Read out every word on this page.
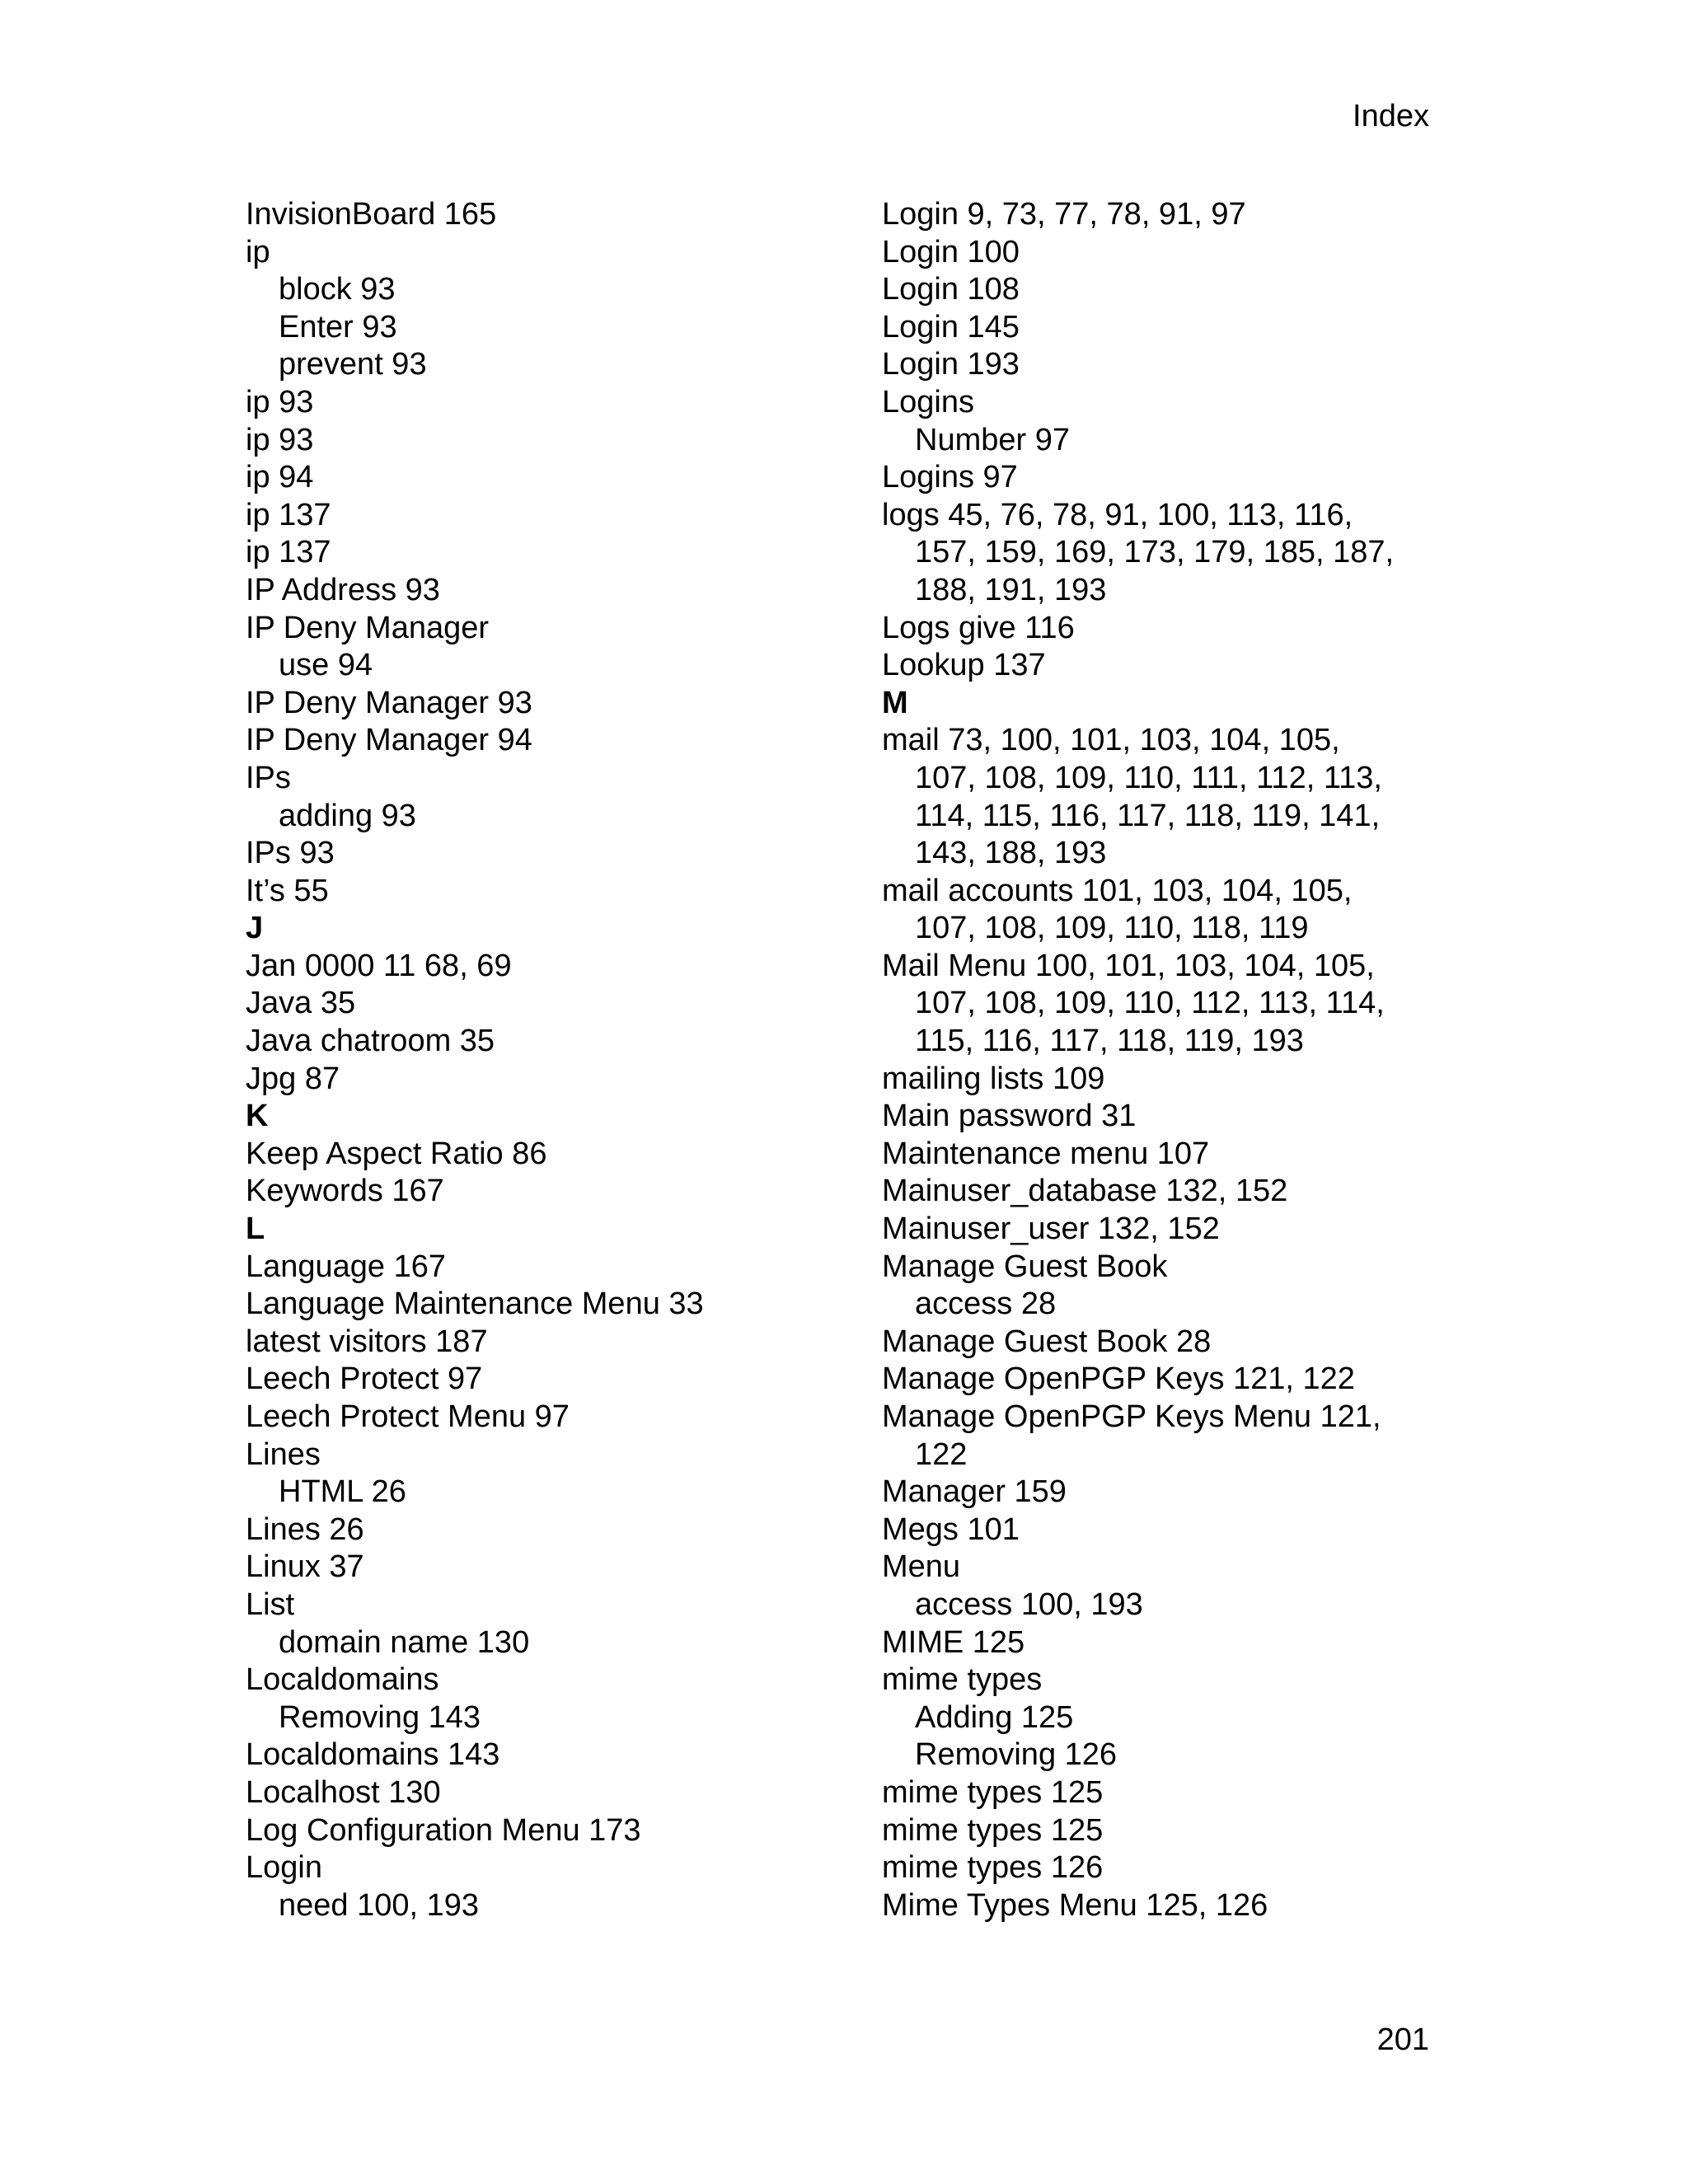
Index
InvisionBoard 165
ip
block 93
Enter 93
prevent 93
ip 93
ip 93
ip 94
ip 137
ip 137
IP Address 93
IP Deny Manager
use 94
IP Deny Manager 93
IP Deny Manager 94
IPs
adding 93
IPs 93
It’s 55
J
Jan 0000 11 68, 69
Java 35
Java chatroom 35
Jpg 87
K
Keep Aspect Ratio 86
Keywords 167
L
Language 167
Language Maintenance Menu 33
latest visitors 187
Leech Protect 97
Leech Protect Menu 97
Lines
HTML 26
Lines 26
Linux 37
List
domain name 130
Localdomains
Removing 143
Localdomains 143
Localhost 130
Log Configuration Menu 173
Login
need 100, 193
Login 9, 73, 77, 78, 91, 97
Login 100
Login 108
Login 145
Login 193
Logins
Number 97
Logins 97
logs 45, 76, 78, 91, 100, 113, 116,
157, 159, 169, 173, 179, 185, 187,
188, 191, 193
Logs give 116
Lookup 137
M
mail 73, 100, 101, 103, 104, 105,
107, 108, 109, 110, 111, 112, 113,
114, 115, 116, 117, 118, 119, 141,
143, 188, 193
mail accounts 101, 103, 104, 105,
107, 108, 109, 110, 118, 119
Mail Menu 100, 101, 103, 104, 105,
107, 108, 109, 110, 112, 113, 114,
115, 116, 117, 118, 119, 193
mailing lists 109
Main password 31
Maintenance menu 107
Mainuser_database 132, 152
Mainuser_user 132, 152
Manage Guest Book
access 28
Manage Guest Book 28
Manage OpenPGP Keys 121, 122
Manage OpenPGP Keys Menu 121,
122
Manager 159
Megs 101
Menu
access 100, 193
MIME 125
mime types
Adding 125
Removing 126
mime types 125
mime types 125
mime types 126
Mime Types Menu 125, 126
201
